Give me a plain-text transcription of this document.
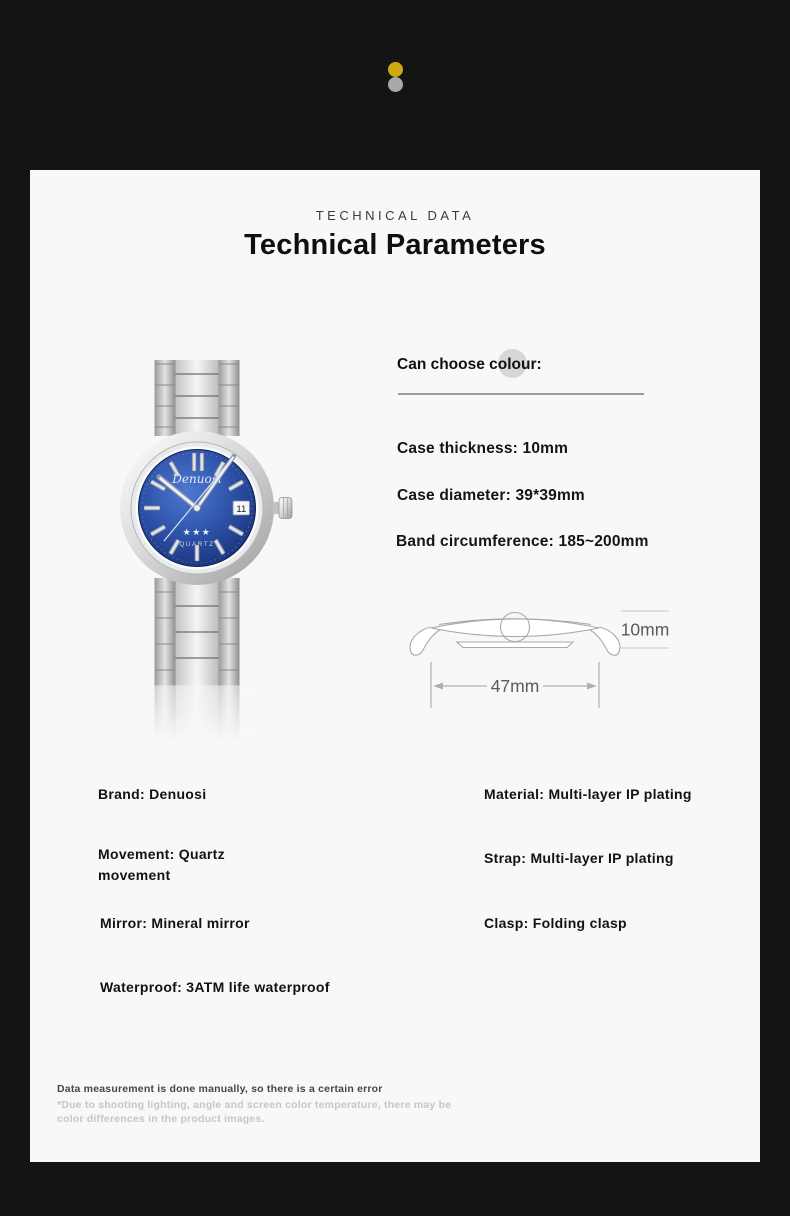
TECHNICAL DATA
Technical Parameters
11
Denuosi
★★★
QUARTZ
Can choose colour:
Case thickness: 10mm
Case diameter: 39*39mm
Band circumference: 185~200mm
10mm
47mm
Brand: Denuosi
Movement: Quartz movement
Mirror: Mineral mirror
Waterproof: 3ATM life waterproof
Material: Multi-layer IP plating
Strap: Multi-layer IP plating
Clasp: Folding clasp
Data measurement is done manually, so there is a certain error
*Due to shooting lighting, angle and screen color temperature, there may be color differences in the product images.
